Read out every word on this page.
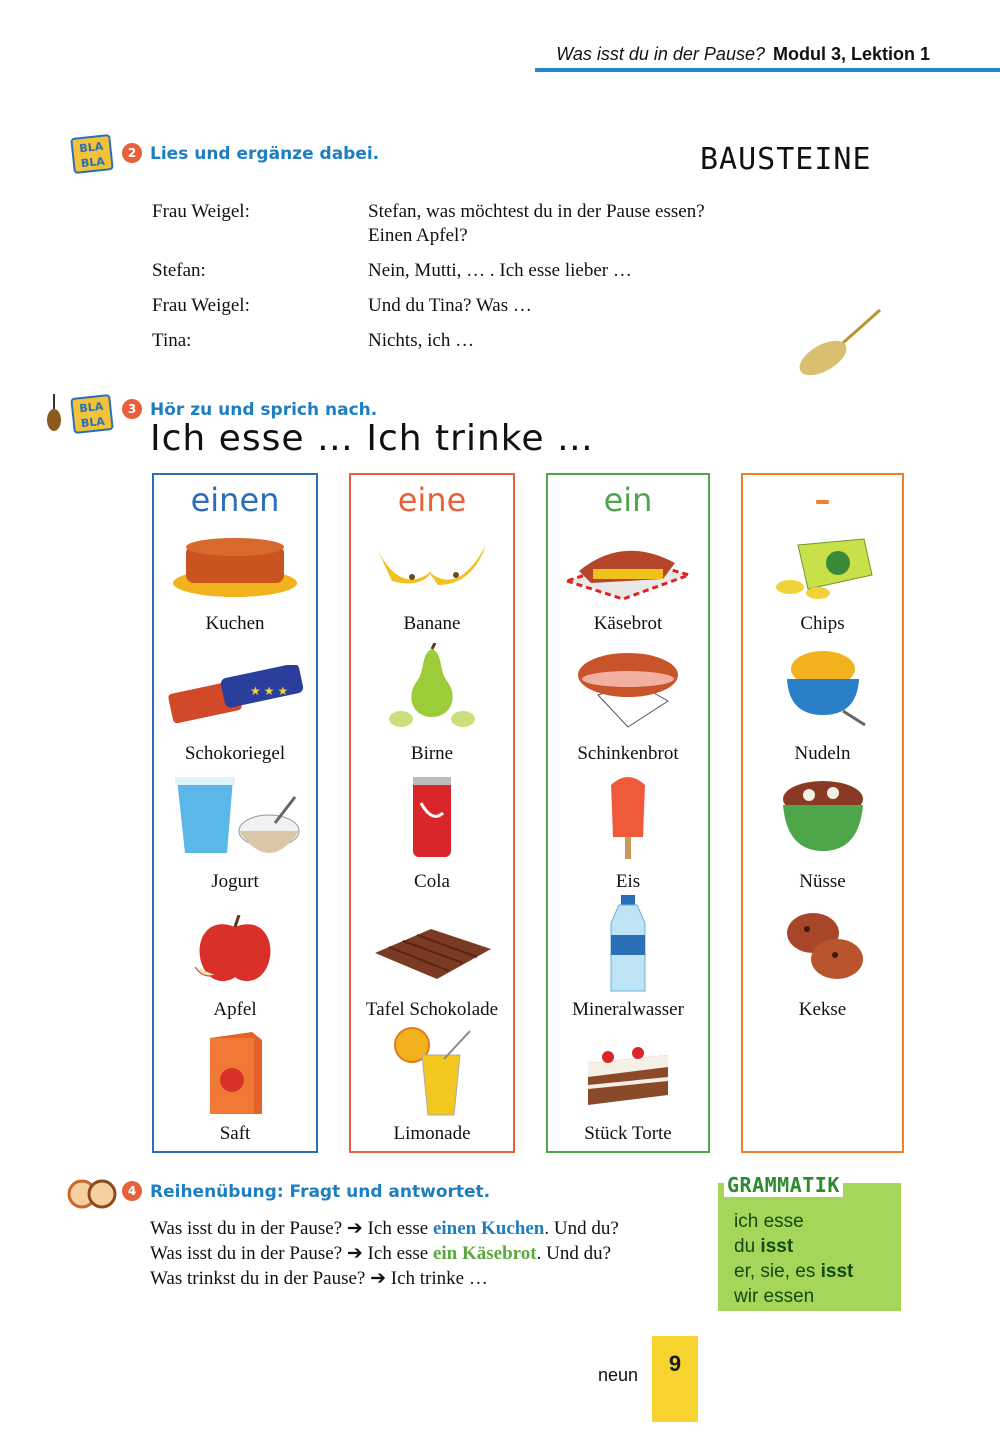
Was isst du in der Pause? Modul 3, Lektion 1
BLA BLA
2 Lies und ergänze dabei.	BAUSTEINE
Frau Weigel:	Stefan, was möchtest du in der Pause essen?
Einen Apfel?
Stefan:	Nein, Mutti, … . Ich esse lieber …
Frau Weigel:	Und du Tina? Was …
Tina:	Nichts, ich …
BLA BLA
3 Hör zu und sprich nach.
Ich esse … Ich trinke …
einen
Kuchen
★ ★ ★
Schokoriegel
Jogurt
Apfel
Saft
eine
Banane
Birne
Cola
Tafel Schokolade
Limonade
ein
Käsebrot
Schinkenbrot
Eis
Mineralwasser
Stück Torte
–
Chips
Nudeln
Nüsse
Kekse
4 Reihenübung: Fragt und antwortet.
Was isst du in der Pause? ➔ Ich esse einen Kuchen. Und du? Was isst du in der Pause? ➔ Ich esse ein Käsebrot. Und du? Was trinkst du in der Pause? ➔ Ich trinke …
GRAMMATIK
ich esse
du isst
er, sie, es isst
wir essen
neun	9
